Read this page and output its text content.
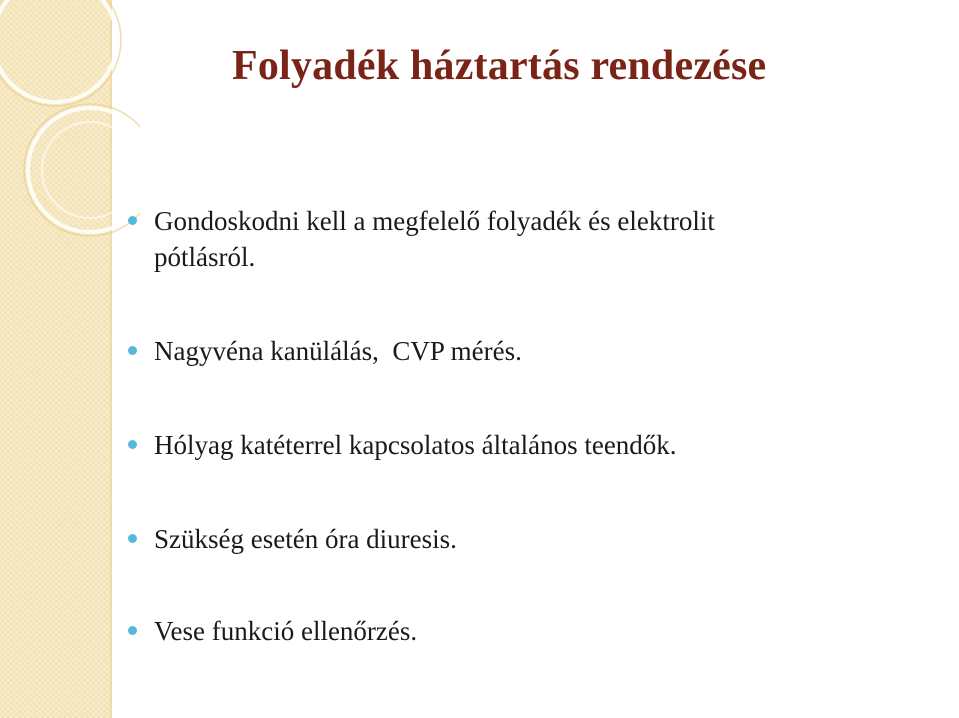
Folyadék háztartás rendezése
Gondoskodni kell a megfelelő folyadék és elektrolit pótlásról.
Nagyvéna kanülálás,  CVP mérés.
Hólyag katéterrel kapcsolatos általános teendők.
Szükség esetén óra diuresis.
Vese funkció ellenőrzés.
